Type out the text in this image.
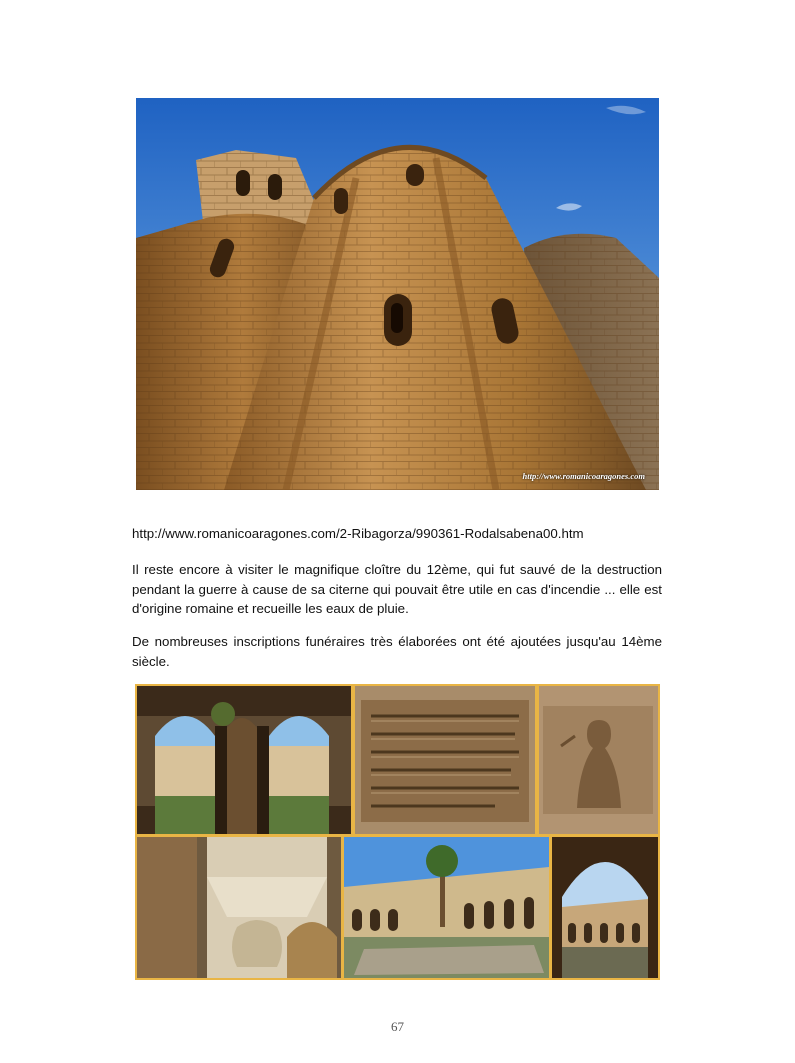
http://www.romanicoaragones.com
http://www.romanicoaragones.com/2-Ribagorza/990361-Rodalsabena00.htm

Il reste encore à visiter le magnifique cloître du 12ème, qui fut sauvé de la destruction pendant la guerre à cause de sa citerne qui pouvait être utile en cas d'incendie ... elle est d'origine romaine et recueille les eaux de pluie.

De nombreuses inscriptions funéraires très élaborées ont été ajoutées jusqu'au 14ème siècle.

67
